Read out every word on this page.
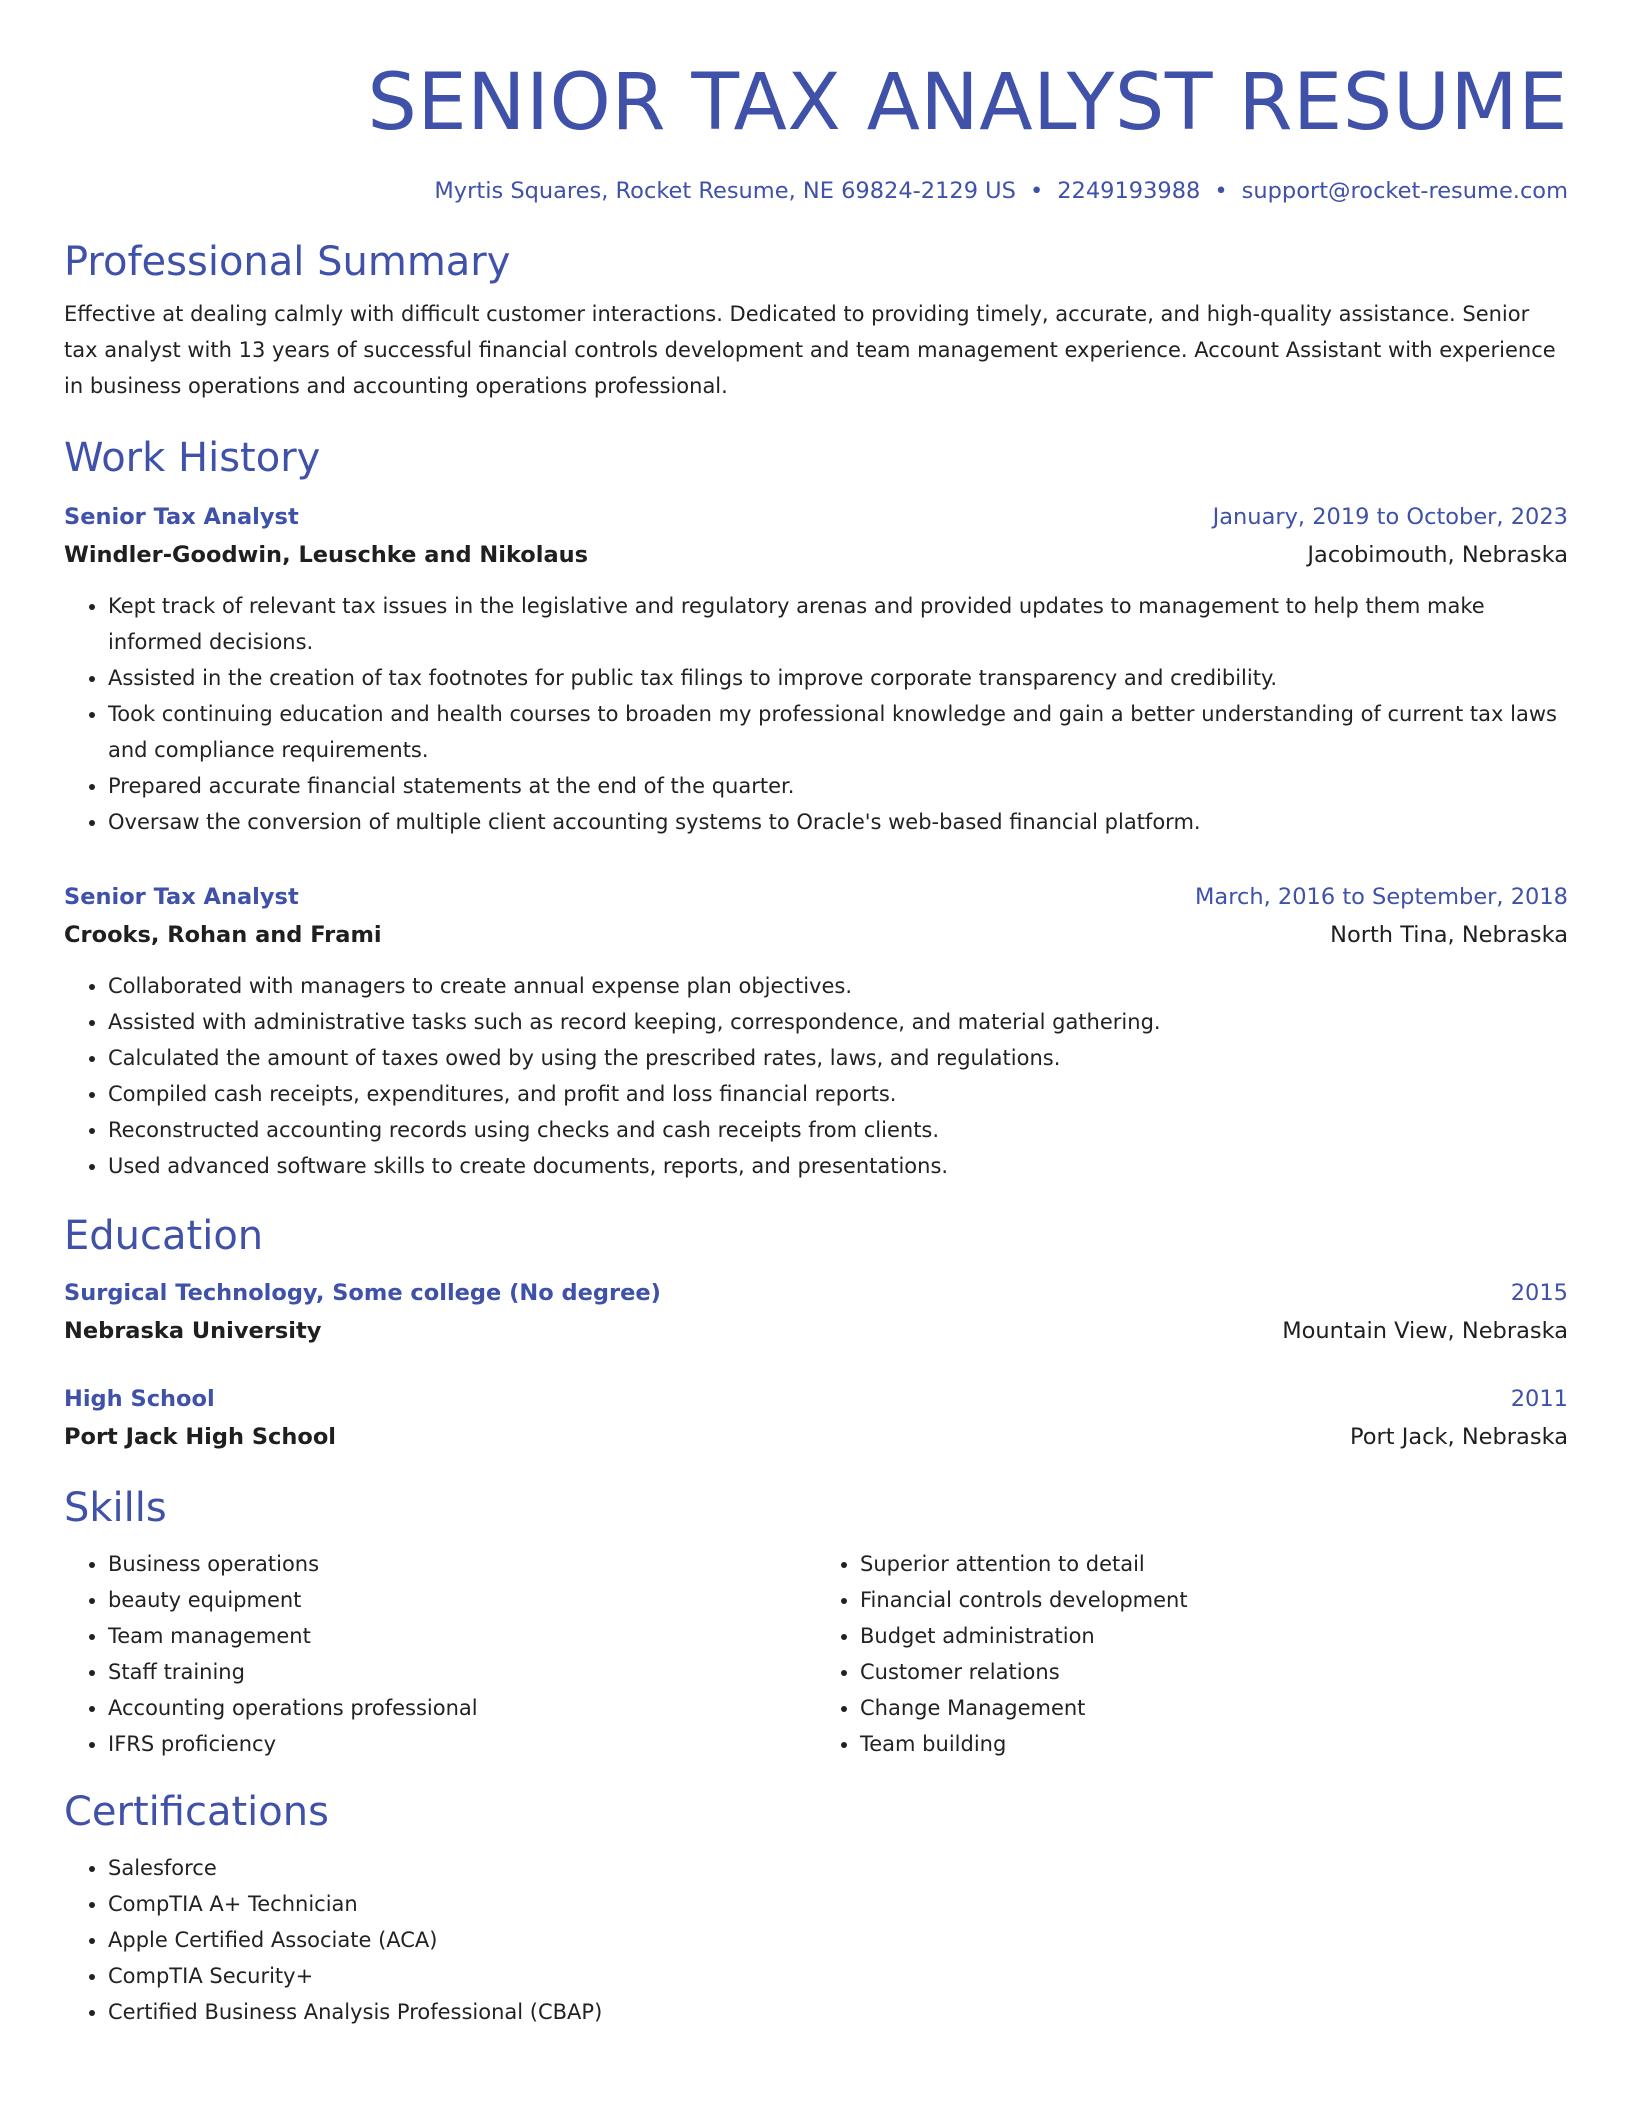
SENIOR TAX ANALYST RESUME
Myrtis Squares, Rocket Resume, NE 69824-2129 US • 2249193988 • support@rocket-resume.com
Professional Summary

Effective at dealing calmly with difficult customer interactions. Dedicated to providing timely, accurate, and high-quality assistance. Senior tax analyst with 13 years of successful financial controls development and team management experience. Account Assistant with experience in business operations and accounting operations professional.

Work History
Senior Tax Analyst	January, 2019 to October, 2023
Windler-Goodwin, Leuschke and Nikolaus	Jacobimouth, Nebraska
• Kept track of relevant tax issues in the legislative and regulatory arenas and provided updates to management to help them make informed decisions.
• Assisted in the creation of tax footnotes for public tax filings to improve corporate transparency and credibility.
• Took continuing education and health courses to broaden my professional knowledge and gain a better understanding of current tax laws and compliance requirements.
• Prepared accurate financial statements at the end of the quarter.
• Oversaw the conversion of multiple client accounting systems to Oracle's web-based financial platform.
Senior Tax Analyst	March, 2016 to September, 2018
Crooks, Rohan and Frami	North Tina, Nebraska
• Collaborated with managers to create annual expense plan objectives.
• Assisted with administrative tasks such as record keeping, correspondence, and material gathering.
• Calculated the amount of taxes owed by using the prescribed rates, laws, and regulations.
• Compiled cash receipts, expenditures, and profit and loss financial reports.
• Reconstructed accounting records using checks and cash receipts from clients.
• Used advanced software skills to create documents, reports, and presentations.
Education
Surgical Technology, Some college (No degree)	2015
Nebraska University	Mountain View, Nebraska
High School	2011
Port Jack High School	Port Jack, Nebraska
Skills
• Business operations
• beauty equipment
• Team management
• Staff training
• Accounting operations professional
• IFRS proficiency
• Superior attention to detail
• Financial controls development
• Budget administration
• Customer relations
• Change Management
• Team building
Certifications
• Salesforce
• CompTIA A+ Technician
• Apple Certified Associate (ACA)
• CompTIA Security+
• Certified Business Analysis Professional (CBAP)
